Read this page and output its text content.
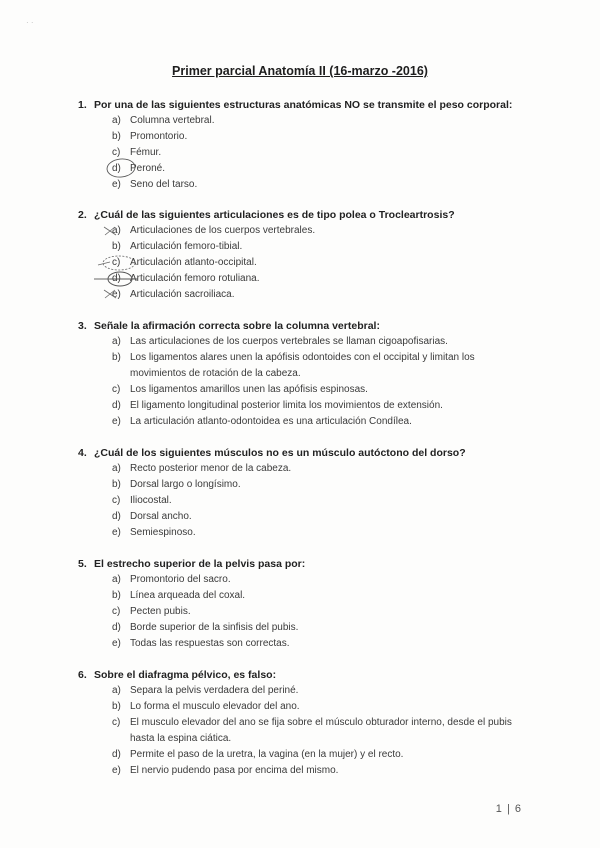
· ·
Primer parcial Anatomía II (16-marzo -2016)
1. Por una de las siguientes estructuras anatómicas NO se transmite el peso corporal:
a) Columna vertebral.
b) Promontorio.
c) Fémur.
d) Peroné.
e) Seno del tarso.
2. ¿Cuál de las siguientes articulaciones es de tipo polea o Trocleartrosis?
a) Articulaciones de los cuerpos vertebrales.
b) Articulación femoro-tibial.
c) Articulación atlanto-occipital.
d) Articulación femoro rotuliana.
e) Articulación sacroiliaca.
3. Señale la afirmación correcta sobre la columna vertebral:
a) Las articulaciones de los cuerpos vertebrales se llaman cigoapofisarias.
b) Los ligamentos alares unen la apófisis odontoides con el occipital y limitan los movimientos de rotación de la cabeza.
c) Los ligamentos amarillos unen las apófisis espinosas.
d) El ligamento longitudinal posterior limita los movimientos de extensión.
e) La articulación atlanto-odontoidea es una articulación Condílea.
4. ¿Cuál de los siguientes músculos no es un músculo autóctono del dorso?
a) Recto posterior menor de la cabeza.
b) Dorsal largo o longísimo.
c) Iliocostal.
d) Dorsal ancho.
e) Semiespinoso.
5. El estrecho superior de la pelvis pasa por:
a) Promontorio del sacro.
b) Línea arqueada del coxal.
c) Pecten pubis.
d) Borde superior de la sinfisis del pubis.
e) Todas las respuestas son correctas.
6. Sobre el diafragma pélvico, es falso:
a) Separa la pelvis verdadera del periné.
b) Lo forma el musculo elevador del ano.
c) El musculo elevador del ano se fija sobre el músculo obturador interno, desde el pubis hasta la espina ciática.
d) Permite el paso de la uretra, la vagina (en la mujer) y el recto.
e) El nervio pudendo pasa por encima del mismo.
1 | 6
